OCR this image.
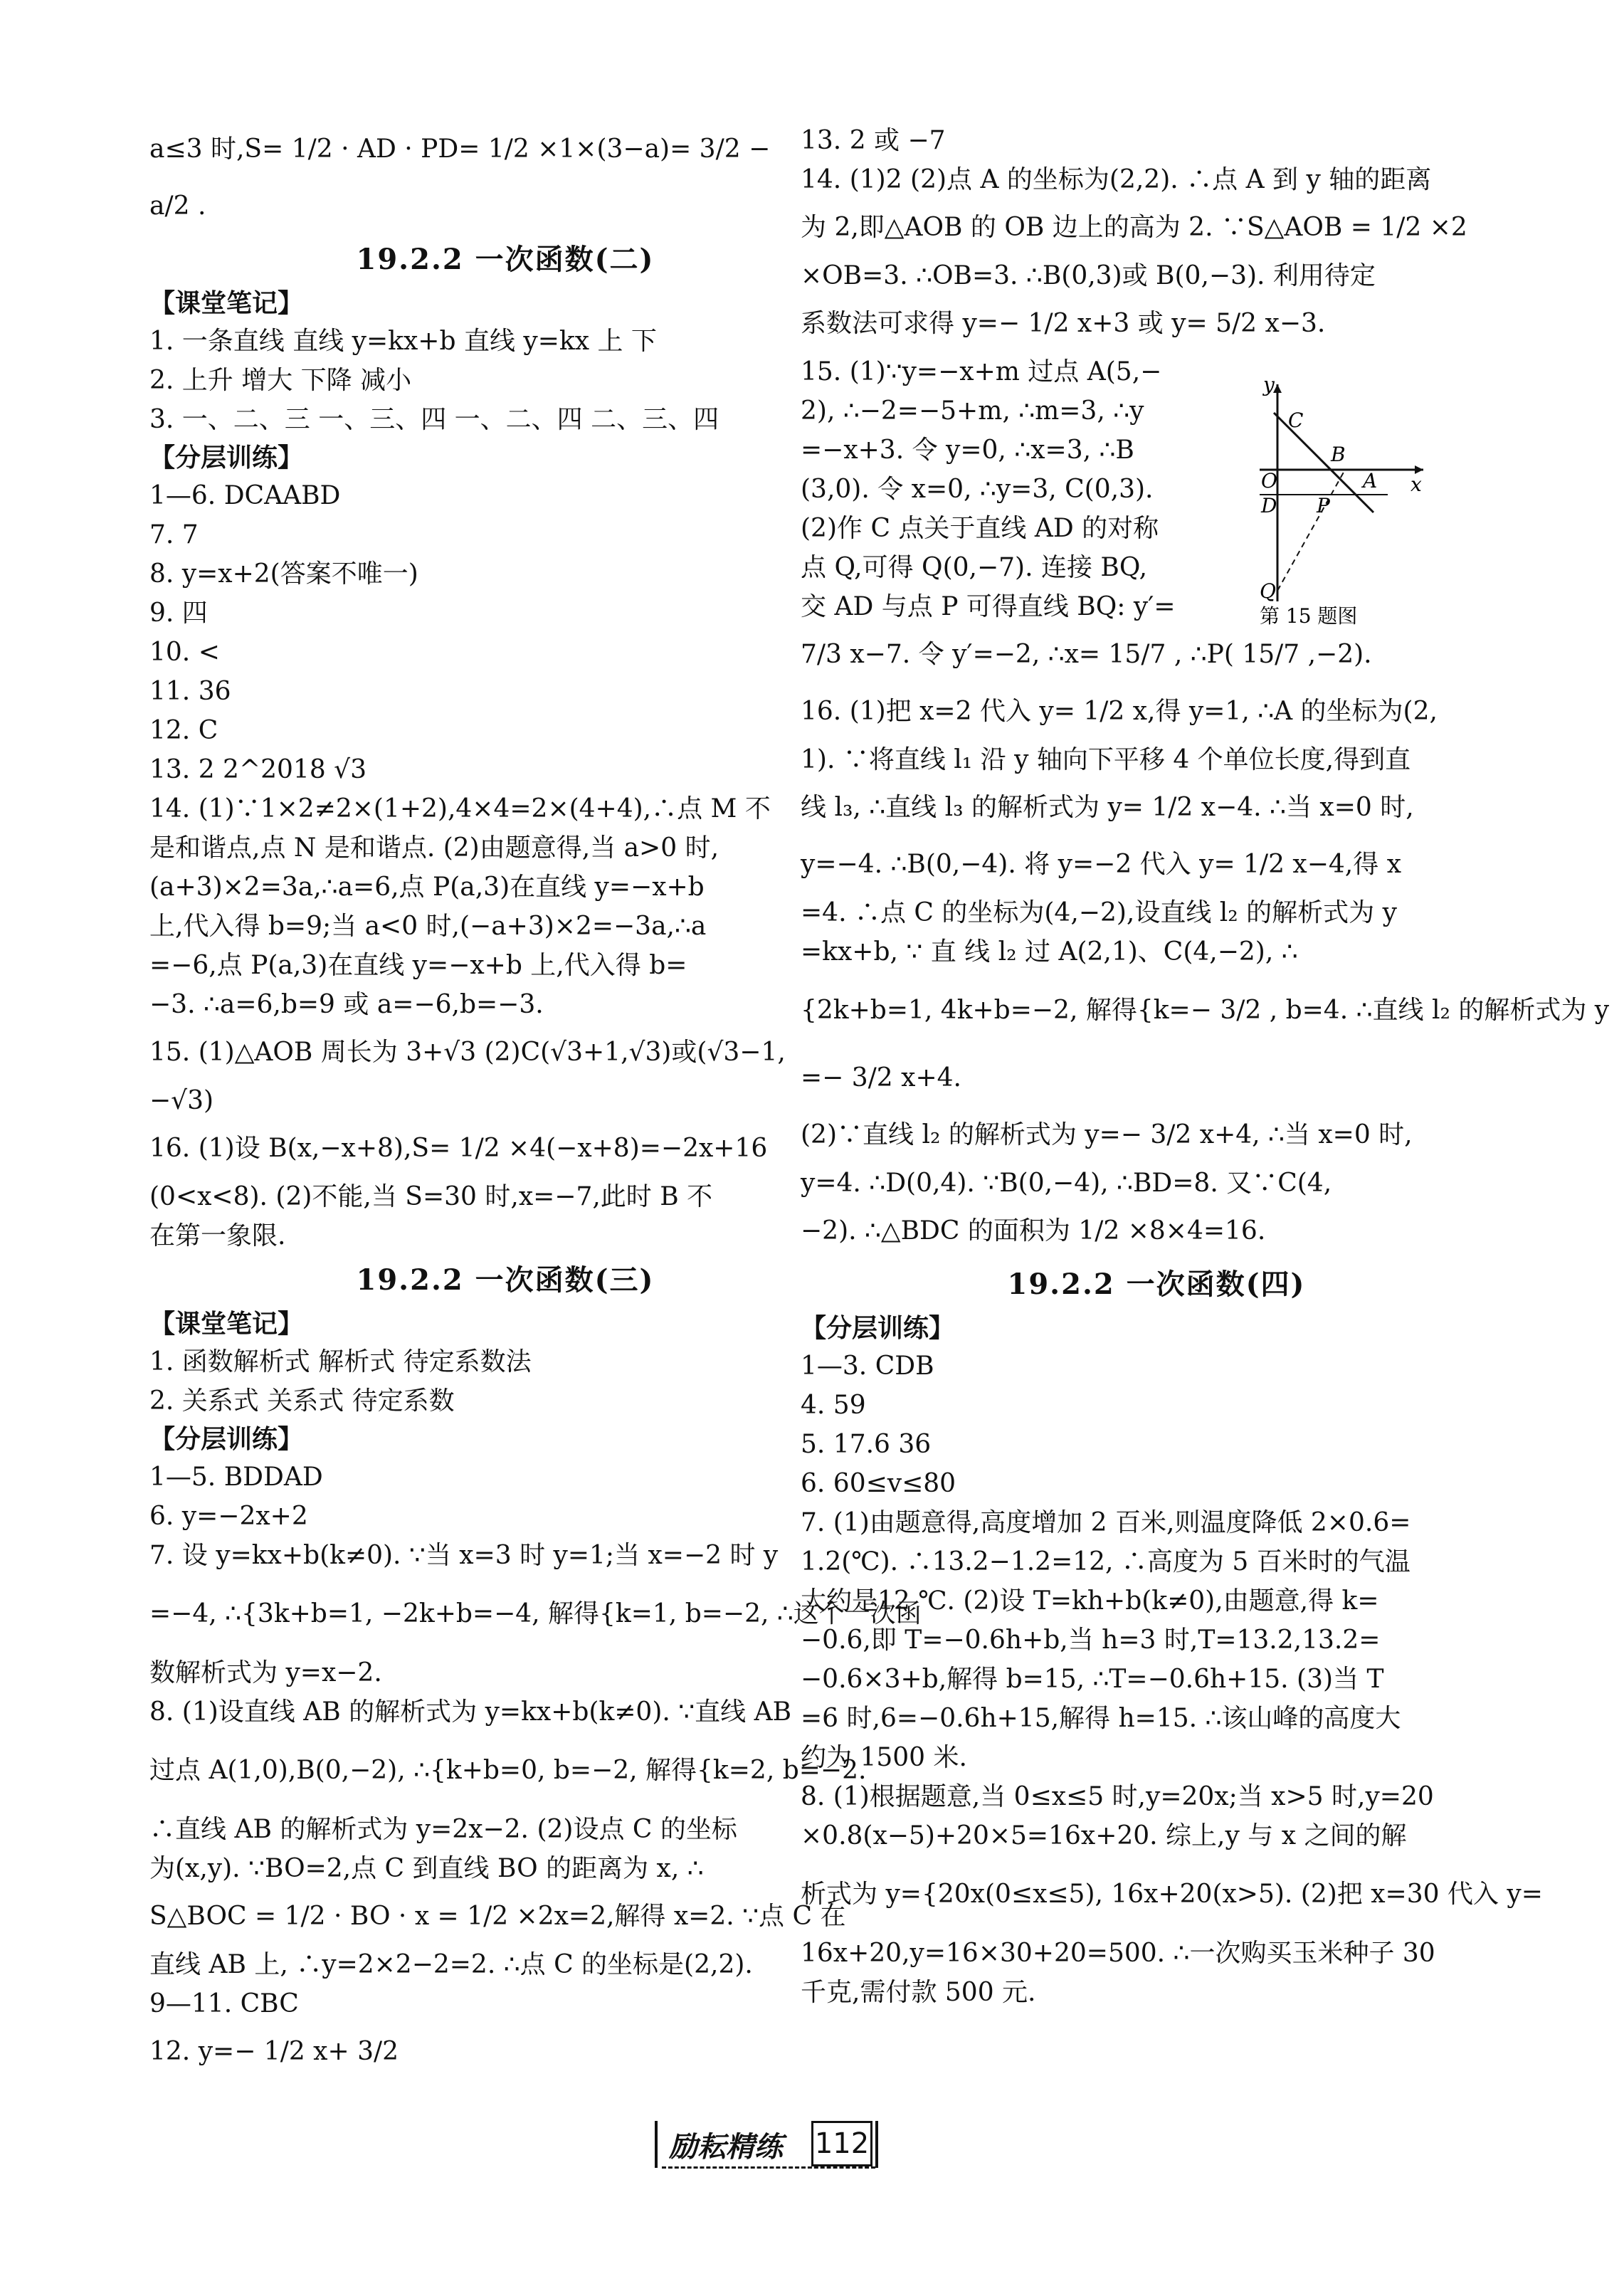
a≤3 时,S= 1/2 · AD · PD= 1/2 ×1×(3−a)= 3/2 −
a/2 .
19.2.2 一次函数(二)
【课堂笔记】
1. 一条直线 直线 y=kx+b 直线 y=kx 上 下
2. 上升 增大 下降 减小
3. 一、二、三 一、三、四 一、二、四 二、三、四
【分层训练】
1—6. DCAABD
7. 7
8. y=x+2(答案不唯一)
9. 四
10. <
11. 36
12. C
13. 2 2^2018 √3
14. (1)∵1×2≠2×(1+2),4×4=2×(4+4),∴点 M 不
是和谐点,点 N 是和谐点. (2)由题意得,当 a>0 时,
(a+3)×2=3a,∴a=6,点 P(a,3)在直线 y=−x+b
上,代入得 b=9;当 a<0 时,(−a+3)×2=−3a,∴a
=−6,点 P(a,3)在直线 y=−x+b 上,代入得 b=
−3. ∴a=6,b=9 或 a=−6,b=−3.
15. (1)△AOB 周长为 3+√3 (2)C(√3+1,√3)或(√3−1,
−√3)
16. (1)设 B(x,−x+8),S= 1/2 ×4(−x+8)=−2x+16
(0<x<8). (2)不能,当 S=30 时,x=−7,此时 B 不
在第一象限.
19.2.2 一次函数(三)
【课堂笔记】
1. 函数解析式 解析式 待定系数法
2. 关系式 关系式 待定系数
【分层训练】
1—5. BDDAD
6. y=−2x+2
7. 设 y=kx+b(k≠0). ∵当 x=3 时 y=1;当 x=−2 时 y
=−4, ∴{3k+b=1, −2k+b=−4, 解得{k=1, b=−2, ∴这个一次函
数解析式为 y=x−2.
8. (1)设直线 AB 的解析式为 y=kx+b(k≠0). ∵直线 AB
过点 A(1,0),B(0,−2), ∴{k+b=0, b=−2, 解得{k=2, b=−2.
∴直线 AB 的解析式为 y=2x−2. (2)设点 C 的坐标
为(x,y). ∵BO=2,点 C 到直线 BO 的距离为 x, ∴
S△BOC = 1/2 · BO · x = 1/2 ×2x=2,解得 x=2. ∵点 C 在
直线 AB 上, ∴y=2×2−2=2. ∴点 C 的坐标是(2,2).
9—11. CBC
12. y=− 1/2 x+ 3/2
13. 2 或 −7
14. (1)2 (2)点 A 的坐标为(2,2). ∴点 A 到 y 轴的距离
为 2,即△AOB 的 OB 边上的高为 2. ∵S△AOB = 1/2 ×2
×OB=3. ∴OB=3. ∴B(0,3)或 B(0,−3). 利用待定
系数法可求得 y=− 1/2 x+3 或 y= 5/2 x−3.
15. (1)∵y=−x+m 过点 A(5,−
2), ∴−2=−5+m, ∴m=3, ∴y
=−x+3. 令 y=0, ∴x=3, ∴B
(3,0). 令 x=0, ∴y=3, C(0,3).
(2)作 C 点关于直线 AD 的对称
点 Q,可得 Q(0,−7). 连接 BQ,
交 AD 与点 P 可得直线 BQ: y′=
7/3 x−7. 令 y′=−2, ∴x= 15/7 , ∴P( 15/7 ,−2).
16. (1)把 x=2 代入 y= 1/2 x,得 y=1, ∴A 的坐标为(2,
1). ∵将直线 l₁ 沿 y 轴向下平移 4 个单位长度,得到直
线 l₃, ∴直线 l₃ 的解析式为 y= 1/2 x−4. ∴当 x=0 时,
y=−4. ∴B(0,−4). 将 y=−2 代入 y= 1/2 x−4,得 x
=4. ∴点 C 的坐标为(4,−2),设直线 l₂ 的解析式为 y
=kx+b, ∵ 直 线 l₂ 过 A(2,1)、C(4,−2), ∴
{2k+b=1, 4k+b=−2, 解得{k=− 3/2 , b=4. ∴直线 l₂ 的解析式为 y
=− 3/2 x+4.
(2)∵直线 l₂ 的解析式为 y=− 3/2 x+4, ∴当 x=0 时,
y=4. ∴D(0,4). ∵B(0,−4), ∴BD=8. 又∵C(4,
−2). ∴△BDC 的面积为 1/2 ×8×4=16.
19.2.2 一次函数(四)
【分层训练】
1—3. CDB
4. 59
5. 17.6 36
6. 60≤v≤80
7. (1)由题意得,高度增加 2 百米,则温度降低 2×0.6=
1.2(℃). ∴13.2−1.2=12, ∴高度为 5 百米时的气温
大约是12 ℃. (2)设 T=kh+b(k≠0),由题意,得 k=
−0.6,即 T=−0.6h+b,当 h=3 时,T=13.2,13.2=
−0.6×3+b,解得 b=15, ∴T=−0.6h+15. (3)当 T
=6 时,6=−0.6h+15,解得 h=15. ∴该山峰的高度大
约为 1500 米.
8. (1)根据题意,当 0≤x≤5 时,y=20x;当 x>5 时,y=20
×0.8(x−5)+20×5=16x+20. 综上,y 与 x 之间的解
析式为 y={20x(0≤x≤5), 16x+20(x>5). (2)把 x=30 代入 y=
16x+20,y=16×30+20=500. ∴一次购买玉米种子 30
千克,需付款 500 元.
y
x
C
B
O	A
D P
Q
第 15 题图
励耘精练 112
